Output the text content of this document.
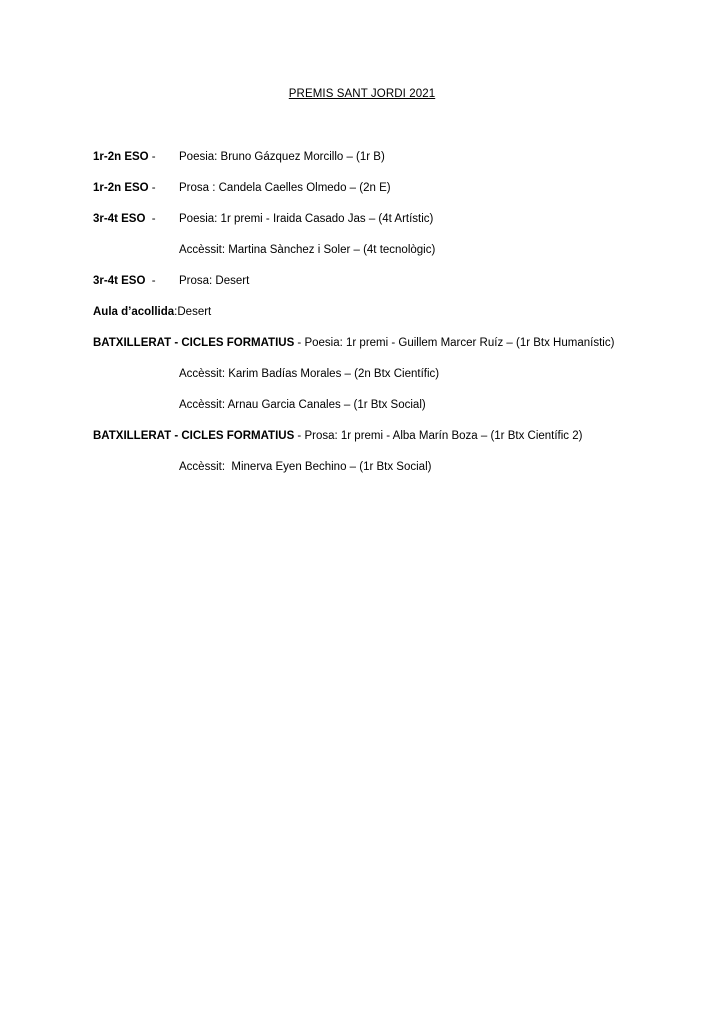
PREMIS SANT JORDI 2021
1r-2n ESO - Poesia: Bruno Gázquez Morcillo – (1r B)
1r-2n ESO - Prosa : Candela Caelles Olmedo – (2n E)
3r-4t ESO  - Poesia: 1r premi - Iraida Casado Jas – (4t Artístic)
Accèssit: Martina Sànchez i Soler – (4t tecnològic)
3r-4t ESO  - Prosa: Desert
Aula d’acollida:Desert
BATXILLERAT - CICLES FORMATIUS - Poesia: 1r premi - Guillem Marcer Ruíz – (1r Btx Humanístic)
Accèssit: Karim Badías Morales – (2n Btx Científic)
Accèssit: Arnau Garcia Canales – (1r Btx Social)
BATXILLERAT - CICLES FORMATIUS - Prosa: 1r premi - Alba Marín Boza – (1r Btx Científic 2)
Accèssit:  Minerva Eyen Bechino – (1r Btx Social)
